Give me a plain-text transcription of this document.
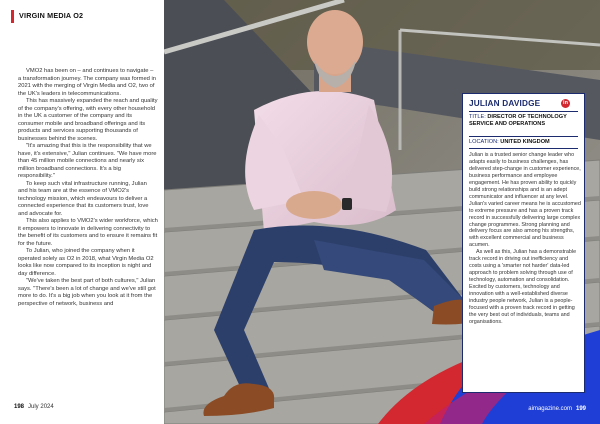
VIRGIN MEDIA O2

VMO2 has been on – and continues to navigate – a transformation journey. The company was formed in 2021 with the merging of Virgin Media and O2, two of the UK's leaders in telecommunications.

This has massively expanded the reach and quality of the company's offering, with every other household in the UK a customer of the company and its consumer mobile and broadband offerings and its products and services supporting thousands of businesses behind the scenes.

"It's amazing that this is the responsibility that we have, it's extensive," Julian continues. "We have more than 45 million mobile connections and nearly six million broadband connections. It's a big responsibility."

To keep such vital infrastructure running, Julian and his team are at the essence of VMO2's technology mission, which endeavours to deliver a connected experience that its customers trust, love and advocate for.

This also applies to VMO2's wider workforce, which it empowers to innovate in delivering connectivity to the benefit of its customers and to ensure it remains fit for the future.

To Julian, who joined the company when it operated solely as O2 in 2018, what Virgin Media O2 looks like now compared to its inception is night and day difference.

"We've taken the best part of both cultures," Julian says. "There's been a lot of change and we've still got more to do. It's a big job when you look at it from the perspective of network, business and

198 July 2024	aimagazine.com 199
JULIAN DAVIDGE	in
TITLE: DIRECTOR OF TECHNOLOGY SERVICE AND OPERATIONS
LOCATION: UNITED KINGDOM

Julian is a trusted senior change leader who adapts easily to business challenges, has delivered step-change in customer experience, business performance and employee engagement. He has proven ability to quickly build strong relationships and is an adept communicator and influencer at any level. Julian's varied career means he is accustomed to extreme pressure and has a proven track record in successfully delivering large complex change programmes. Strong planning and delivery focus are also among his strengths, with excellent commercial and business acumen.

As well as this, Julian has a demonstrable track record in driving out inefficiency and costs using a 'smarter not harder' data-led approach to problem solving through use of technology, automation and consolidation. Excited by customers, technology and innovation with a well-established diverse industry people network, Julian is a people-focused with a proven track record in getting the very best out of individuals, teams and organisations.
